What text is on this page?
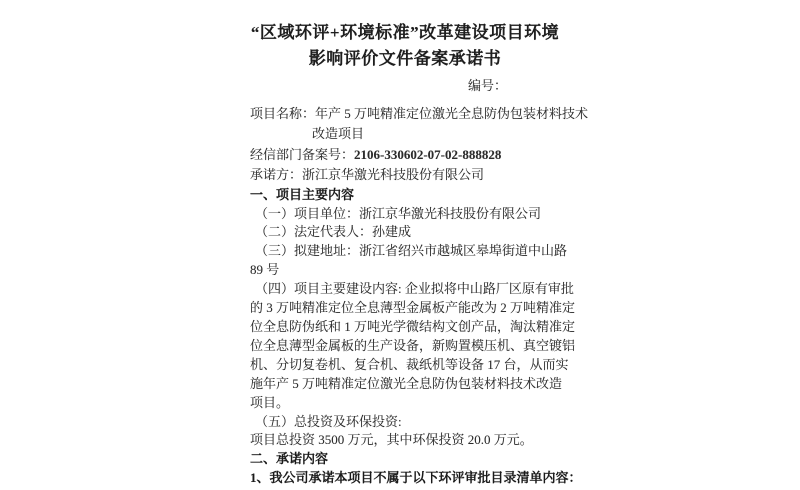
“区域环评+环境标准”改革建设项目环境
影响评价文件备案承诺书
编号：
项目名称：年产 5 万吨精准定位激光全息防伪包装材料技术
改造项目
经信部门备案号：2106-330602-07-02-888828
承诺方：浙江京华激光科技股份有限公司
一、项目主要内容
（一）项目单位：浙江京华激光科技股份有限公司
（二）法定代表人：孙建成
（三）拟建地址：浙江省绍兴市越城区皋埠街道中山路
89 号
（四）项目主要建设内容: 企业拟将中山路厂区原有审批
的 3 万吨精准定位全息薄型金属板产能改为 2 万吨精准定
位全息防伪纸和 1 万吨光学微结构文创产品，淘汰精准定
位全息薄型金属板的生产设备，新购置模压机、真空镀铝
机、分切复卷机、复合机、裁纸机等设备 17 台，从而实
施年产 5 万吨精准定位激光全息防伪包装材料技术改造
项目。
（五）总投资及环保投资:
项目总投资 3500 万元，其中环保投资 20.0 万元。
二、承诺内容
1、我公司承诺本项目不属于以下环评审批目录清单内容：
